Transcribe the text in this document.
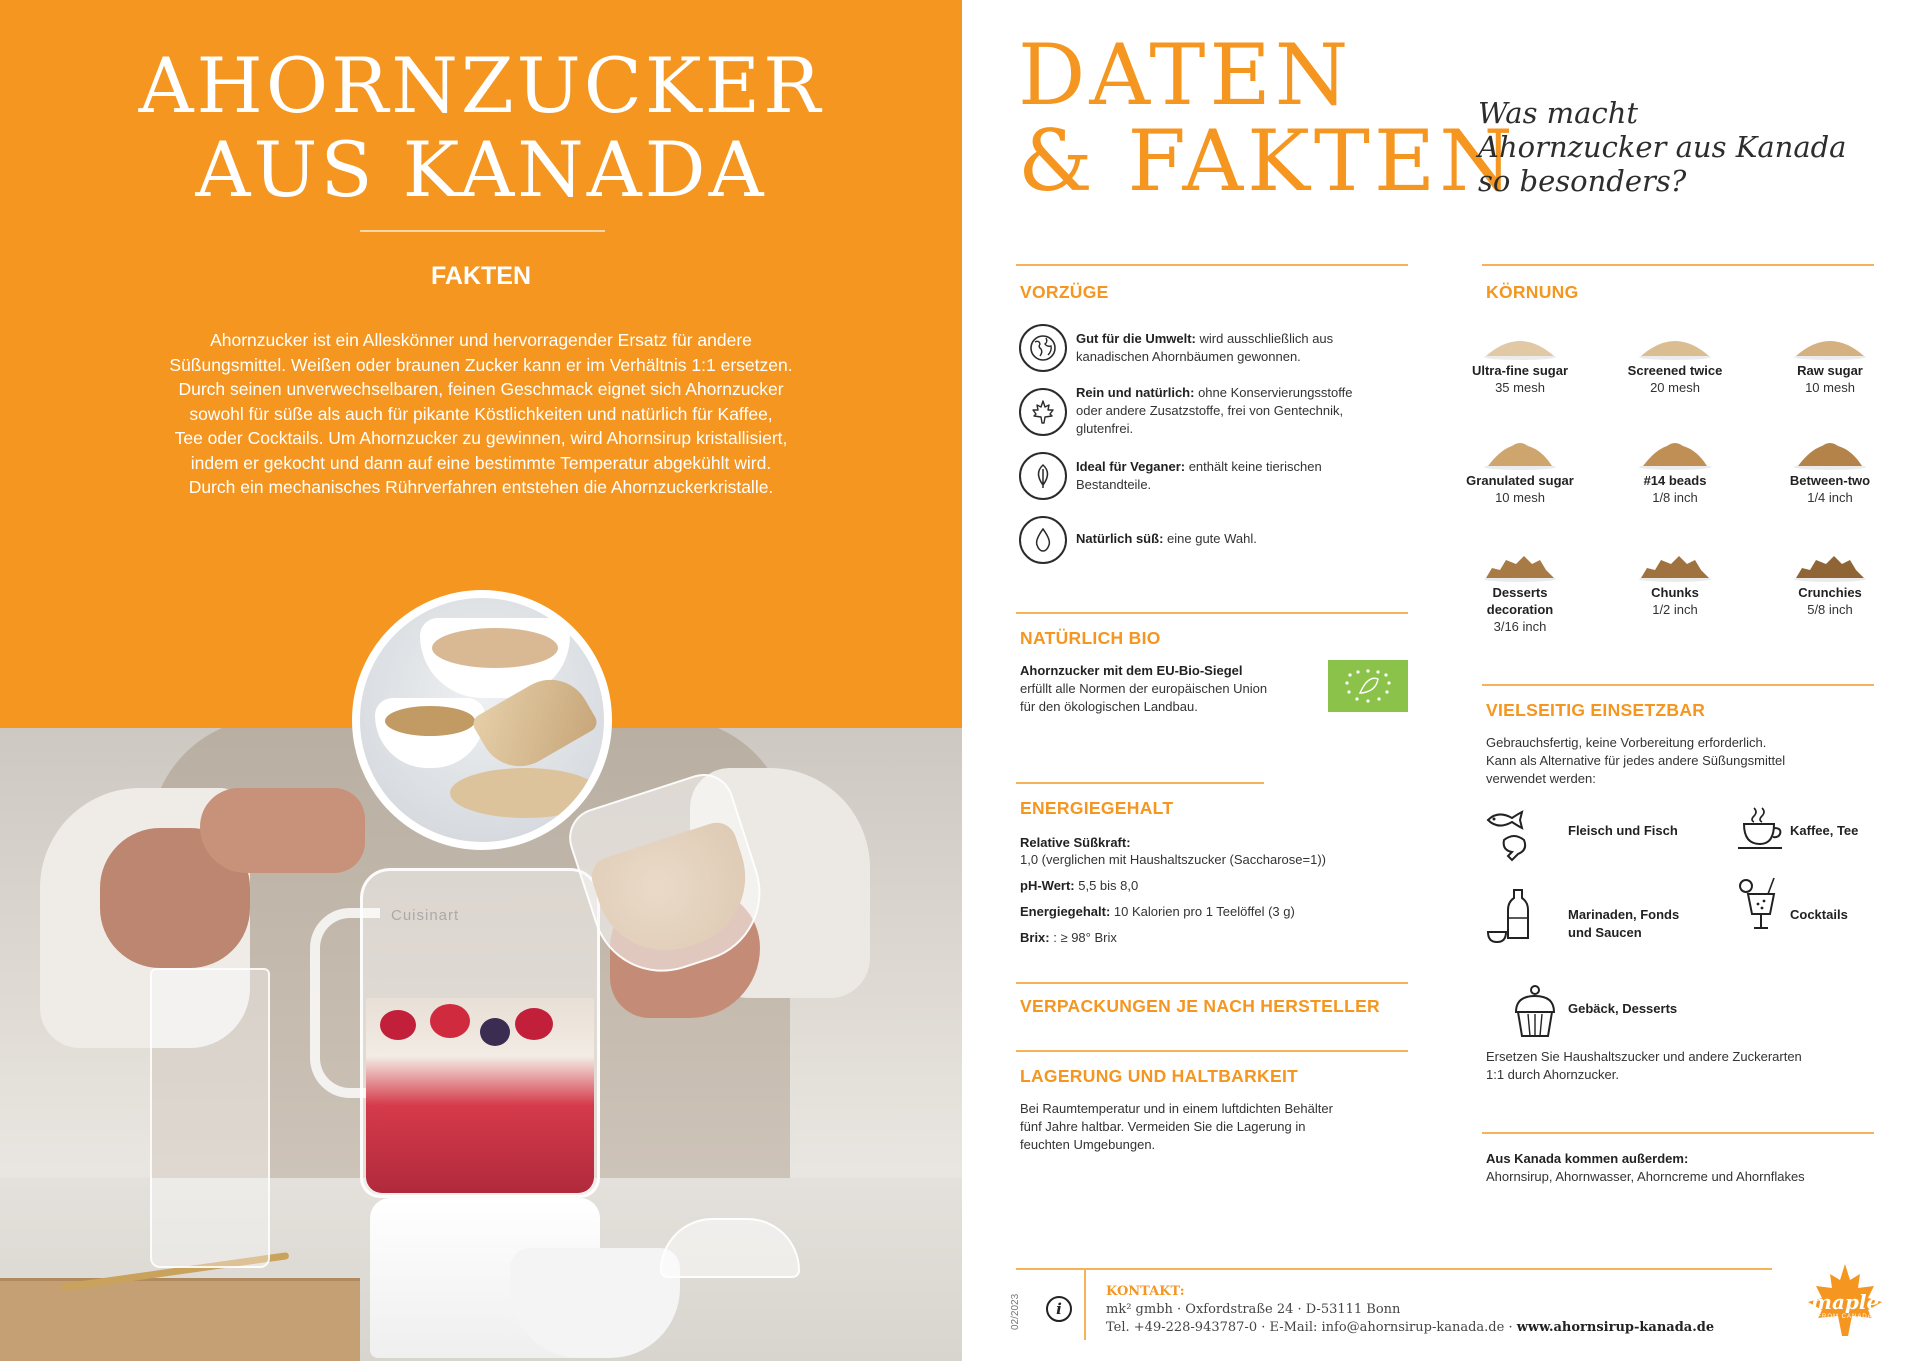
AHORNZUCKER
AUS KANADA
FAKTEN
Ahornzucker ist ein Alleskönner und hervorragender Ersatz für andere
Süßungsmittel. Weißen oder braunen Zucker kann er im Verhältnis 1:1 ersetzen.
Durch seinen unverwechselbaren, feinen Geschmack eignet sich Ahornzucker
sowohl für süße als auch für pikante Köstlichkeiten und natürlich für Kaffee,
Tee oder Cocktails. Um Ahornzucker zu gewinnen, wird Ahornsirup kristallisiert,
indem er gekocht und dann auf eine bestimmte Temperatur abgekühlt wird.
Durch ein mechanisches Rührverfahren entstehen die Ahornzuckerkristalle.
Cuisinart
DATEN
& FAKTEN
Was macht
Ahornzucker aus Kanada
so besonders?
VORZÜGE
Gut für die Umwelt: wird ausschließlich aus
kanadischen Ahornbäumen gewonnen.
Rein und natürlich: ohne Konservierungsstoffe
oder andere Zusatzstoffe, frei von Gentechnik,
glutenfrei.
Ideal für Veganer: enthält keine tierischen
Bestandteile.
Natürlich süß: eine gute Wahl.
NATÜRLICH BIO
Ahornzucker mit dem EU-Bio-Siegel
erfüllt alle Normen der europäischen Union
für den ökologischen Landbau.
ENERGIEGEHALT
Relative Süßkraft:
1,0 (verglichen mit Haushaltszucker (Saccharose=1))
pH-Wert: 5,5 bis 8,0
Energiegehalt: 10 Kalorien pro 1 Teelöffel (3 g)
Brix: : ≥ 98° Brix
VERPACKUNGEN JE NACH HERSTELLER
LAGERUNG UND HALTBARKEIT
Bei Raumtemperatur und in einem luftdichten Behälter
fünf Jahre haltbar. Vermeiden Sie die Lagerung in
feuchten Umgebungen.
KÖRNUNG
Ultra-fine sugar
35 mesh
Screened twice
20 mesh
Raw sugar
10 mesh
Granulated sugar
10 mesh
#14 beads
1/8 inch
Between-two
1/4 inch
Desserts
decoration
3/16 inch
Chunks
1/2 inch
Crunchies
5/8 inch
VIELSEITIG EINSETZBAR
Gebrauchsfertig, keine Vorbereitung erforderlich.
Kann als Alternative für jedes andere Süßungsmittel
verwendet werden:
Fleisch und Fisch	Kaffee, Tee
Marinaden, Fonds
und Saucen
Cocktails
Gebäck, Desserts
Ersetzen Sie Haushaltszucker und andere Zuckerarten
1:1 durch Ahornzucker.
Aus Kanada kommen außerdem:
Ahornsirup, Ahornwasser, Ahorncreme und Ahornflakes
02/2023	i
KONTAKT:
mk² gmbh · Oxfordstraße 24 · D-53111 Bonn
Tel. +49-228-943787-0 · E-Mail: info@ahornsirup-kanada.de · www.ahornsirup-kanada.de
maple
FROM CANADA
